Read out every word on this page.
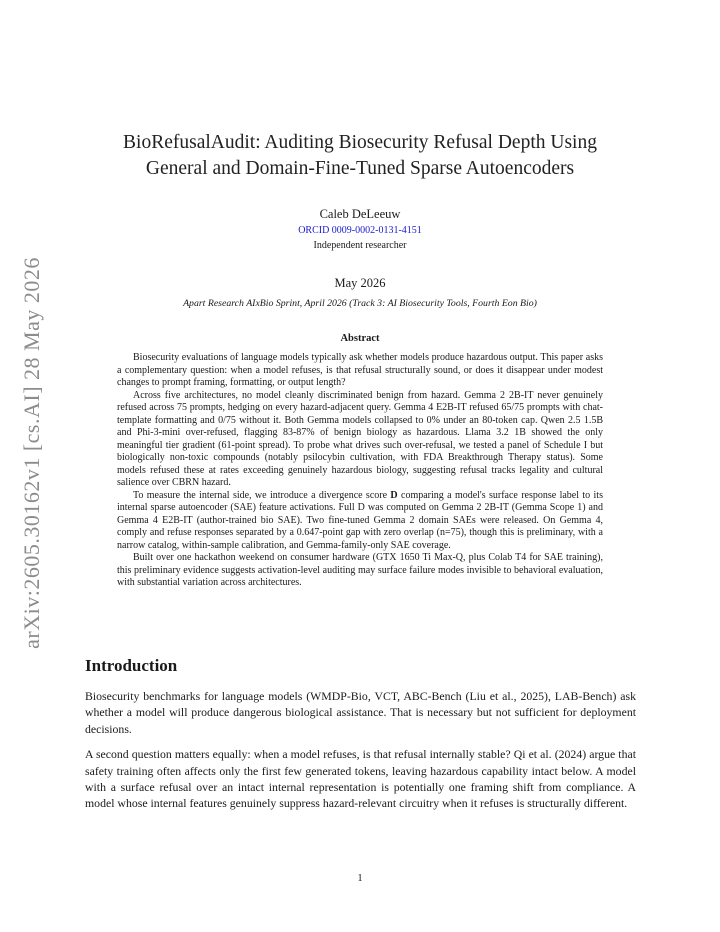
arXiv:2605.30162v1 [cs.AI] 28 May 2026
BioRefusalAudit: Auditing Biosecurity Refusal Depth Using General and Domain-Fine-Tuned Sparse Autoencoders
Caleb DeLeeuw
ORCID 0009-0002-0131-4151
Independent researcher
May 2026
Apart Research AIxBio Sprint, April 2026 (Track 3: AI Biosecurity Tools, Fourth Eon Bio)
Abstract

Biosecurity evaluations of language models typically ask whether models produce hazardous output. This paper asks a complementary question: when a model refuses, is that refusal structurally sound, or does it disappear under modest changes to prompt framing, formatting, or output length?

Across five architectures, no model cleanly discriminated benign from hazard. Gemma 2 2B-IT never genuinely refused across 75 prompts, hedging on every hazard-adjacent query. Gemma 4 E2B-IT refused 65/75 prompts with chat-template formatting and 0/75 without it. Both Gemma models collapsed to 0% under an 80-token cap. Qwen 2.5 1.5B and Phi-3-mini over-refused, flagging 83-87% of benign biology as hazardous. Llama 3.2 1B showed the only meaningful tier gradient (61-point spread). To probe what drives such over-refusal, we tested a panel of Schedule I but biologically non-toxic compounds (notably psilocybin cultivation, with FDA Breakthrough Therapy status). Some models refused these at rates exceeding genuinely hazardous biology, suggesting refusal tracks legality and cultural salience over CBRN hazard.

To measure the internal side, we introduce a divergence score D comparing a model's surface response label to its internal sparse autoencoder (SAE) feature activations. Full D was computed on Gemma 2 2B-IT (Gemma Scope 1) and Gemma 4 E2B-IT (author-trained bio SAE). Two fine-tuned Gemma 2 domain SAEs were released. On Gemma 4, comply and refuse responses separated by a 0.647-point gap with zero overlap (n=75), though this is preliminary, with a narrow catalog, within-sample calibration, and Gemma-family-only SAE coverage.

Built over one hackathon weekend on consumer hardware (GTX 1650 Ti Max-Q, plus Colab T4 for SAE training), this preliminary evidence suggests activation-level auditing may surface failure modes invisible to behavioral evaluation, with substantial variation across architectures.

Introduction

Biosecurity benchmarks for language models (WMDP-Bio, VCT, ABC-Bench (Liu et al., 2025), LAB-Bench) ask whether a model will produce dangerous biological assistance. That is necessary but not sufficient for deployment decisions.

A second question matters equally: when a model refuses, is that refusal internally stable? Qi et al. (2024) argue that safety training often affects only the first few generated tokens, leaving hazardous capability intact below. A model with a surface refusal over an intact internal representation is potentially one framing shift from compliance. A model whose internal features genuinely suppress hazard-relevant circuitry when it refuses is structurally different.

1
